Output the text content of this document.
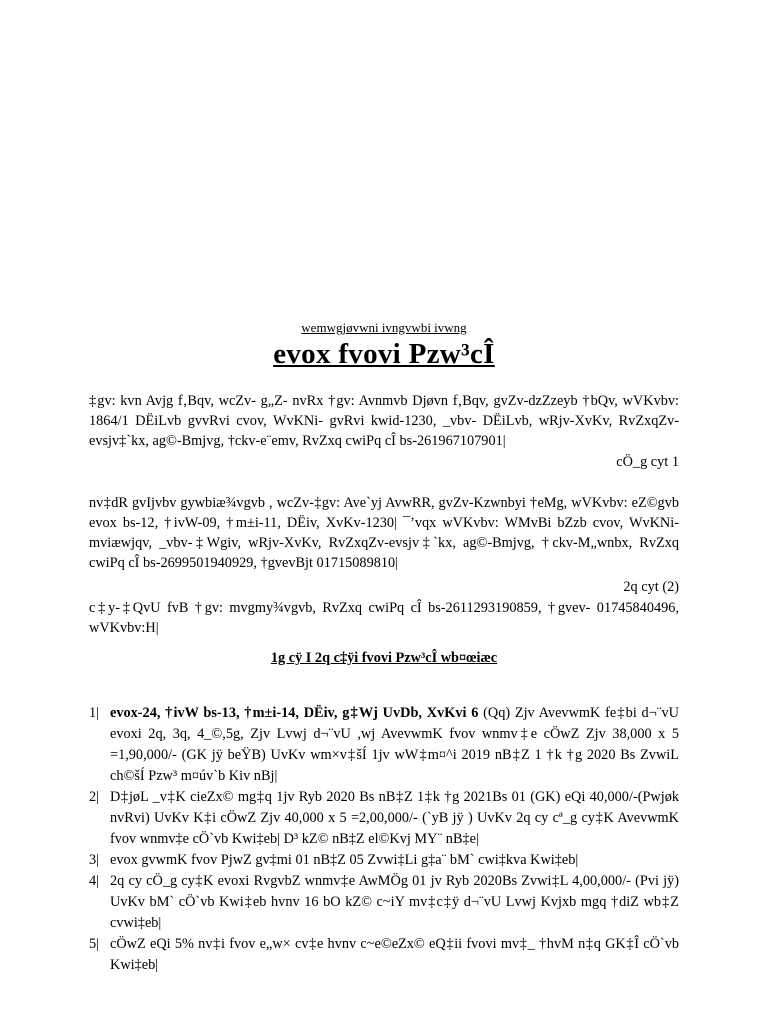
wemwgjøvwni ivngvwbi ivwng
evox fvovi Pzw³cÎ
‡gv: kvn Avjg f‚Bqv, wcZv- g„Z- nvRx †gv: Avnmvb Djøvn f‚Bqv, gvZv-dzZzeyb †bQv, wVKvbv: 1864/1 DËiLvb gvvRvi cvov, WvKNi- gvRvi kwid-1230, _vbv- DËiLvb, wRjv-XvKv, RvZxqZv-evsjv‡`kx, ag©-Bmjvg, †ckv-e¨emv, RvZxq cwiPq cÎ bs-261967107901|
cÖ_g cyt 1
nv‡dR gvIjvbv gywbiæ¾vgvb , wcZv-‡gv: Ave`yj AvwRR, gvZv-Kzwnbyi †eMg, wVKvbv: eZ©gvb evox bs-12, †ivW-09, †m±i-11, DËiv, XvKv-1230| ¯’vqx wVKvbv: WMvBi bZzb cvov, WvKNi-mviæwjqv, _vbv-‡Wgiv, wRjv-XvKv, RvZxqZv-evsjv‡`kx, ag©-Bmjvg, †ckv-M„wnbx, RvZxq cwiPq cÎ bs-2699501940929, †gvevBjt 01715089810|
2q cyt (2)
c‡y-‡QvU fvB †gv: mvgmy¾vgvb, RvZxq cwiPq cÎ bs-2611293190859, †gvev- 01745840496, wVKvbv:H|
1g cÿ I 2q c‡ÿi fvovi Pzw³cÎ wb¤œiæc
1| evox-24, †ivW bs-13, †m±i-14, DËiv, g‡Wj UvDb, XvKvi 6 (Qq) Zjv AvevwmK fe‡bi d¬¨vU evoxi 2q, 3q, 4_©,5g, Zjv Lvwj d¬¨vU ,wj AvevwmK fvov wnmv‡e cÖwZ Zjv 38,000 x 5 =1,90,000/- (GK jÿ beŸB) UvKv wm×v‡šÍ 1jv wW‡m¤^i 2019 nB‡Z 1 †k †g 2020 Bs ZvwiL ch©šÍ Pzw³ m¤úv`b Kiv nBj|
2| D‡jøL _v‡K cieZx© mg‡q 1jv Ryb 2020 Bs nB‡Z 1‡k †g 2021Bs 01 (GK) eQi 40,000/-(Pwjøk nvRvi) UvKv K‡i cÖwZ Zjv 40,000 x 5 =2,00,000/- (`yB jÿ ) UvKv 2q cy cª_g cy‡K AvevwmK fvov wnmv‡e cÖ`vb Kwi‡eb| D³ kZ© nB‡Z el©Kvj MY¨ nB‡e|
3| evox gvwmK fvov PjwZ gv‡mi 01 nB‡Z 05 Zvwi‡Li g‡a¨ bM` cwi‡kva Kwi‡eb|
4| 2q cy cÖ_g cy‡K evoxi RvgvbZ wnmv‡e AwMÖg 01 jv Ryb 2020Bs Zvwi‡L 4,00,000/- (Pvi jÿ) UvKv bM` cÖ`vb Kwi‡eb hvnv 16 bO kZ© c~iY mv‡c‡ÿ d¬¨vU Lvwj Kvjxb mgq †diZ wb‡Z cvwi‡eb|
5| cÖwZ eQi 5% nv‡i fvov e„w× cv‡e hvnv c~e©eZx© eQ‡ii fvovi mv‡_ †hvM n‡q GK‡Î cÖ`vb Kwi‡eb|
